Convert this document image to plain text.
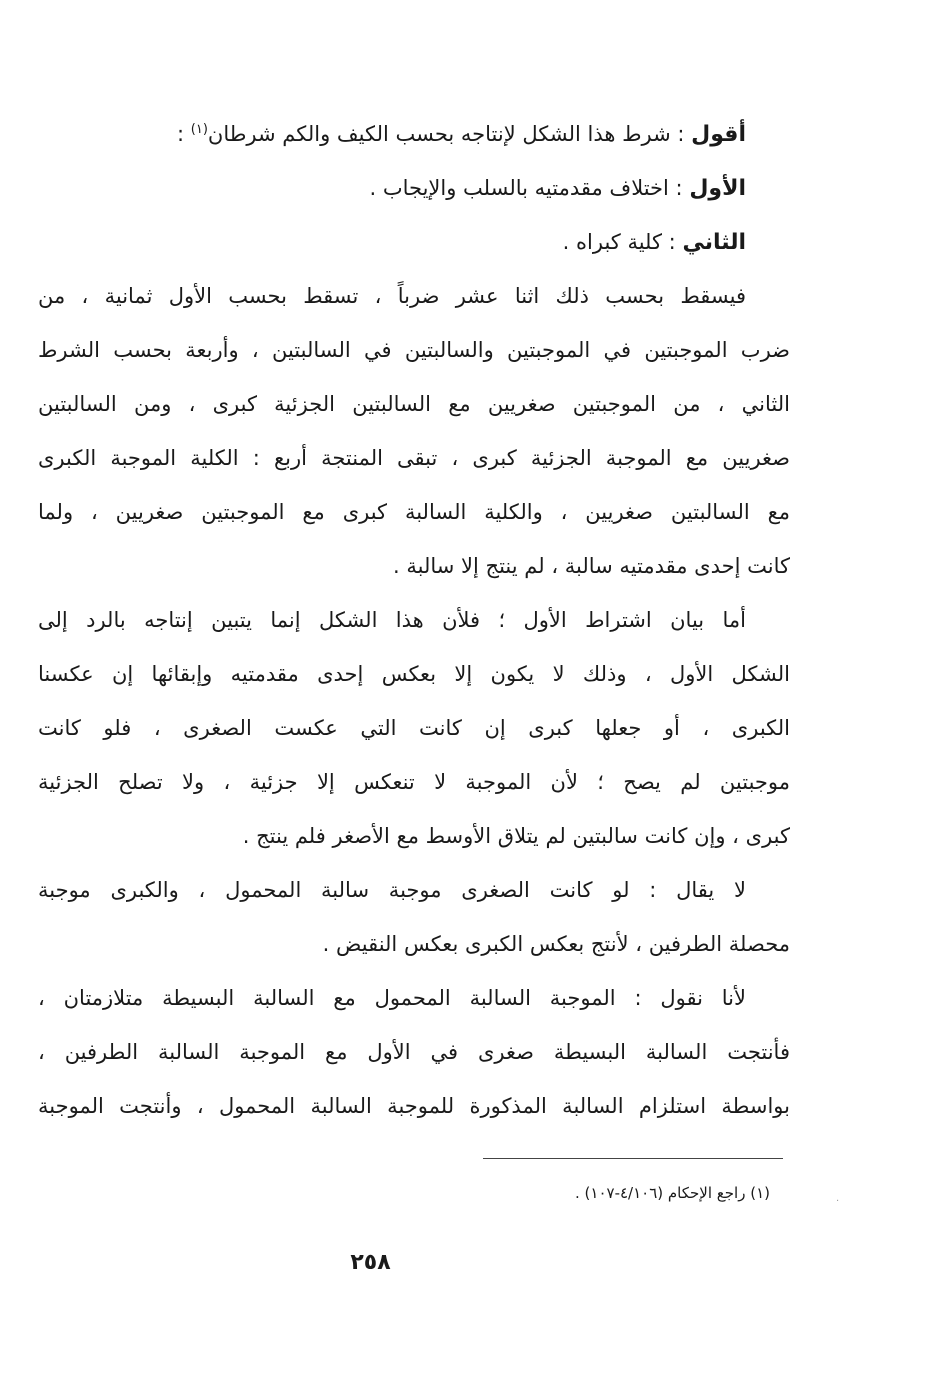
أقول : شرط هذا الشكل لإنتاجه بحسب الكيف والكم شرطان$^{(١)}$ :
الأول : اختلاف مقدمتيه بالسلب والإيجاب .
الثاني : كلية كبراه .
فيسقط بحسب ذلك اثنا عشر ضرباً ، تسقط بحسب الأول ثمانية ، من
ضرب الموجبتين في الموجبتين والسالبتين في السالبتين ، وأربعة بحسب الشرط
الثاني ، من الموجبتين صغريين مع السالبتين الجزئية كبرى ، ومن السالبتين
صغريين مع الموجبة الجزئية كبرى ، تبقى المنتجة أربع : الكلية الموجبة الكبرى
مع السالبتين صغريين ، والكلية السالبة كبرى مع الموجبتين صغريين ، ولما
كانت إحدى مقدمتيه سالبة ، لم ينتج إلا سالبة .
أما بيان اشتراط الأول ؛ فلأن هذا الشكل إنما يتبين إنتاجه بالرد إلى
الشكل الأول ، وذلك لا يكون إلا بعكس إحدى مقدمتيه وإبقائها إن عكسنا
الكبرى ، أو جعلها كبرى إن كانت التي عكست الصغرى ، فلو كانت
موجبتين لم يصح ؛ لأن الموجبة لا تنعكس إلا جزئية ، ولا تصلح الجزئية
كبرى ، وإن كانت سالبتين لم يتلاق الأوسط مع الأصغر فلم ينتج .
لا يقال : لو كانت الصغرى موجبة سالبة المحمول ، والكبرى موجبة
محصلة الطرفين ، لأنتج بعكس الكبرى بعكس النقيض .
لأنا نقول : الموجبة السالبة المحمول مع السالبة البسيطة متلازمتان ،
فأنتجت السالبة البسيطة صغرى في الأول مع الموجبة السالبة الطرفين ،
بواسطة استلزام السالبة المذكورة للموجبة السالبة المحمول ، وأنتجت الموجبة
(١) راجع الإحكام (٤/١٠٦-١٠٧) .
٢٥٨
·
